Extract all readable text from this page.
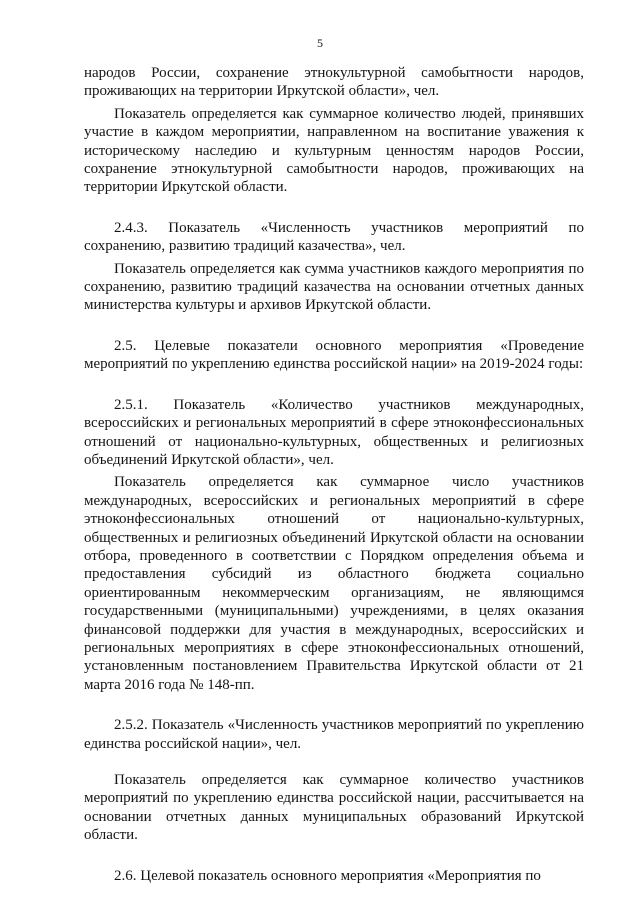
5

народов России, сохранение этнокультурной самобытности народов, проживающих на территории Иркутской области», чел.

Показатель определяется как суммарное количество людей, принявших участие в каждом мероприятии, направленном на воспитание уважения к историческому наследию и культурным ценностям народов России, сохранение этнокультурной самобытности народов, проживающих на территории Иркутской области.

2.4.3. Показатель «Численность участников мероприятий по сохранению, развитию традиций казачества», чел.

Показатель определяется как сумма участников каждого мероприятия по сохранению, развитию традиций казачества на основании отчетных данных министерства культуры и архивов Иркутской области.

2.5. Целевые показатели основного мероприятия «Проведение мероприятий по укреплению единства российской нации» на 2019-2024 годы:

2.5.1. Показатель «Количество участников международных, всероссийских и региональных мероприятий в сфере этноконфессиональных отношений от национально-культурных, общественных и религиозных объединений Иркутской области», чел.

Показатель определяется как суммарное число участников международных, всероссийских и региональных мероприятий в сфере этноконфессиональных отношений от национально-культурных, общественных и религиозных объединений Иркутской области на основании отбора, проведенного в соответствии с Порядком определения объема и предоставления субсидий из областного бюджета социально ориентированным некоммерческим организациям, не являющимся государственными (муниципальными) учреждениями, в целях оказания финансовой поддержки для участия в международных, всероссийских и региональных мероприятиях в сфере этноконфессиональных отношений, установленным постановлением Правительства Иркутской области от 21 марта 2016 года № 148-пп.

2.5.2. Показатель «Численность участников мероприятий по укреплению единства российской нации», чел.

Показатель определяется как суммарное количество участников мероприятий по укреплению единства российской нации, рассчитывается на основании отчетных данных муниципальных образований Иркутской области.

2.6. Целевой показатель основного мероприятия «Мероприятия по
